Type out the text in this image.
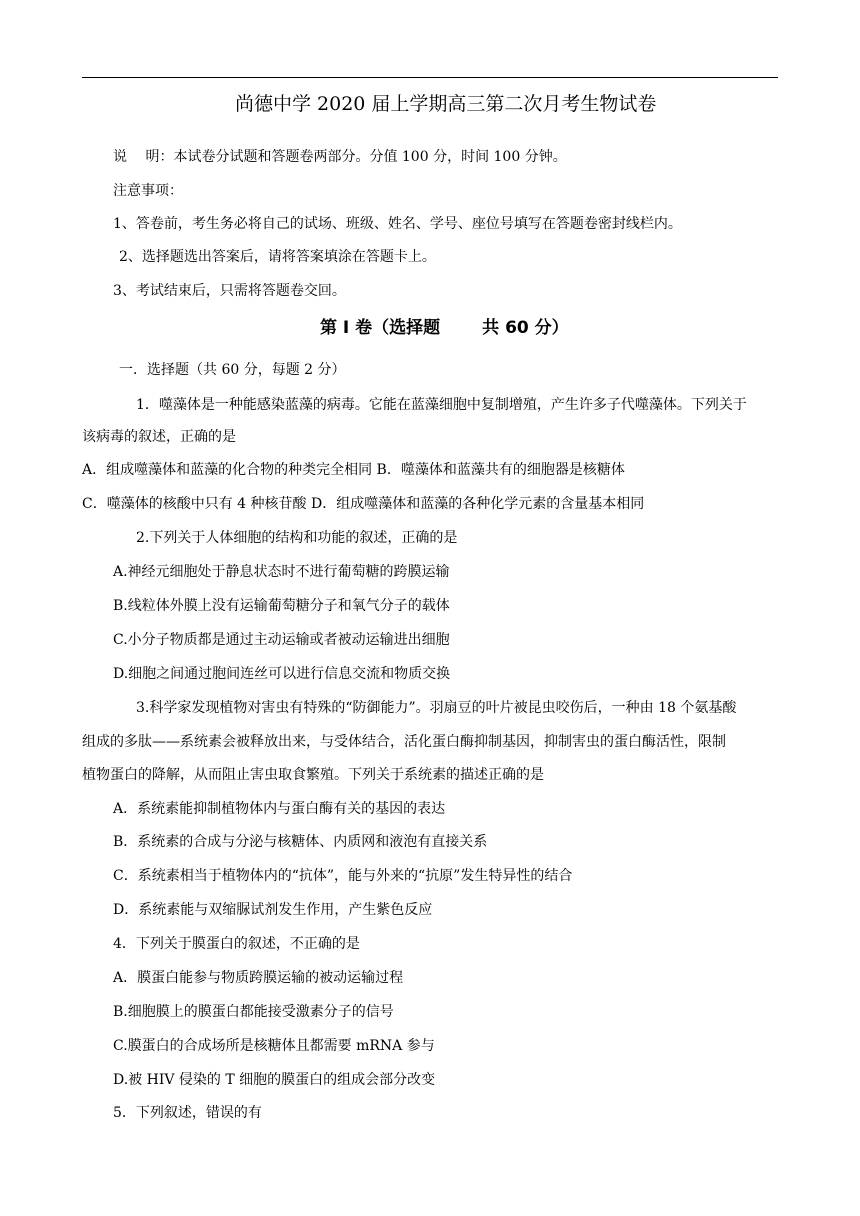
尚德中学 2020 届上学期高三第二次月考生物试卷
说　 明：本试卷分试题和答题卷两部分。分值 100 分，时间 100 分钟。
注意事项：
1、答卷前，考生务必将自己的试场、班级、姓名、学号、座位号填写在答题卷密封线栏内。
2、选择题选出答案后，请将答案填涂在答题卡上。
3、考试结束后，只需将答题卷交回。
第 I 卷（选择题 共 60 分）
一．选择题（共 60 分，每题 2 分）
1．噬藻体是一种能感染蓝藻的病毒。它能在蓝藻细胞中复制增殖，产生许多子代噬藻体。下列关于
该病毒的叙述，正确的是
A．组成噬藻体和蓝藻的化合物的种类完全相同 B．噬藻体和蓝藻共有的细胞器是核糖体
C．噬藻体的核酸中只有 4 种核苷酸 D．组成噬藻体和蓝藻的各种化学元素的含量基本相同
2.下列关于人体细胞的结构和功能的叙述，正确的是
A.神经元细胞处于静息状态时不进行葡萄糖的跨膜运输
B.线粒体外膜上没有运输葡萄糖分子和氧气分子的载体
C.小分子物质都是通过主动运输或者被动运输进出细胞
D.细胞之间通过胞间连丝可以进行信息交流和物质交换
3.科学家发现植物对害虫有特殊的“防御能力”。羽扇豆的叶片被昆虫咬伤后，一种由 18 个氨基酸
组成的多肽——系统素会被释放出来，与受体结合，活化蛋白酶抑制基因，抑制害虫的蛋白酶活性，限制
植物蛋白的降解，从而阻止害虫取食繁殖。下列关于系统素的描述正确的是
A．系统素能抑制植物体内与蛋白酶有关的基因的表达
B．系统素的合成与分泌与核糖体、内质网和液泡有直接关系
C．系统素相当于植物体内的“抗体”，能与外来的“抗原”发生特异性的结合
D．系统素能与双缩脲试剂发生作用，产生紫色反应
4．下列关于膜蛋白的叙述，不正确的是
A．膜蛋白能参与物质跨膜运输的被动运输过程
B.细胞膜上的膜蛋白都能接受激素分子的信号
C.膜蛋白的合成场所是核糖体且都需要 mRNA 参与
D.被 HIV 侵染的 T 细胞的膜蛋白的组成会部分改变
5．下列叙述，错误的有
